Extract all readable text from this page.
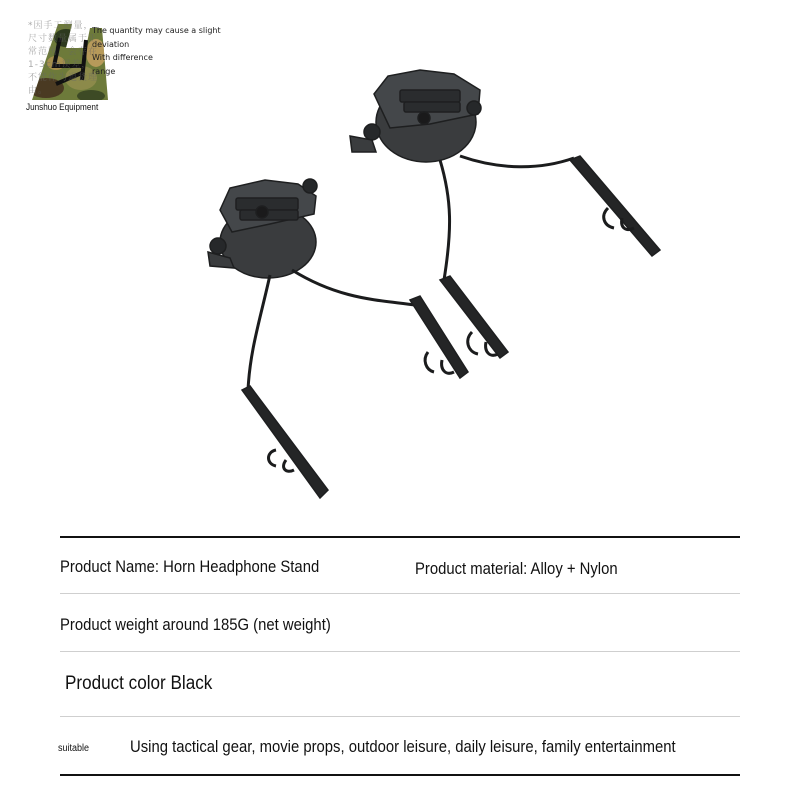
*因手工测量，尺寸数量属于正常范围，会存在1-3cm误差，不能作为退货理由。
The quantity may cause a slight deviation
With difference
range
Junshuo Equipment
Product Name: Horn Headphone Stand	Product material: Alloy + Nylon
Product weight around 185G (net weight)
Product color Black
suitable Using tactical gear, movie props, outdoor leisure, daily leisure, family entertainment
